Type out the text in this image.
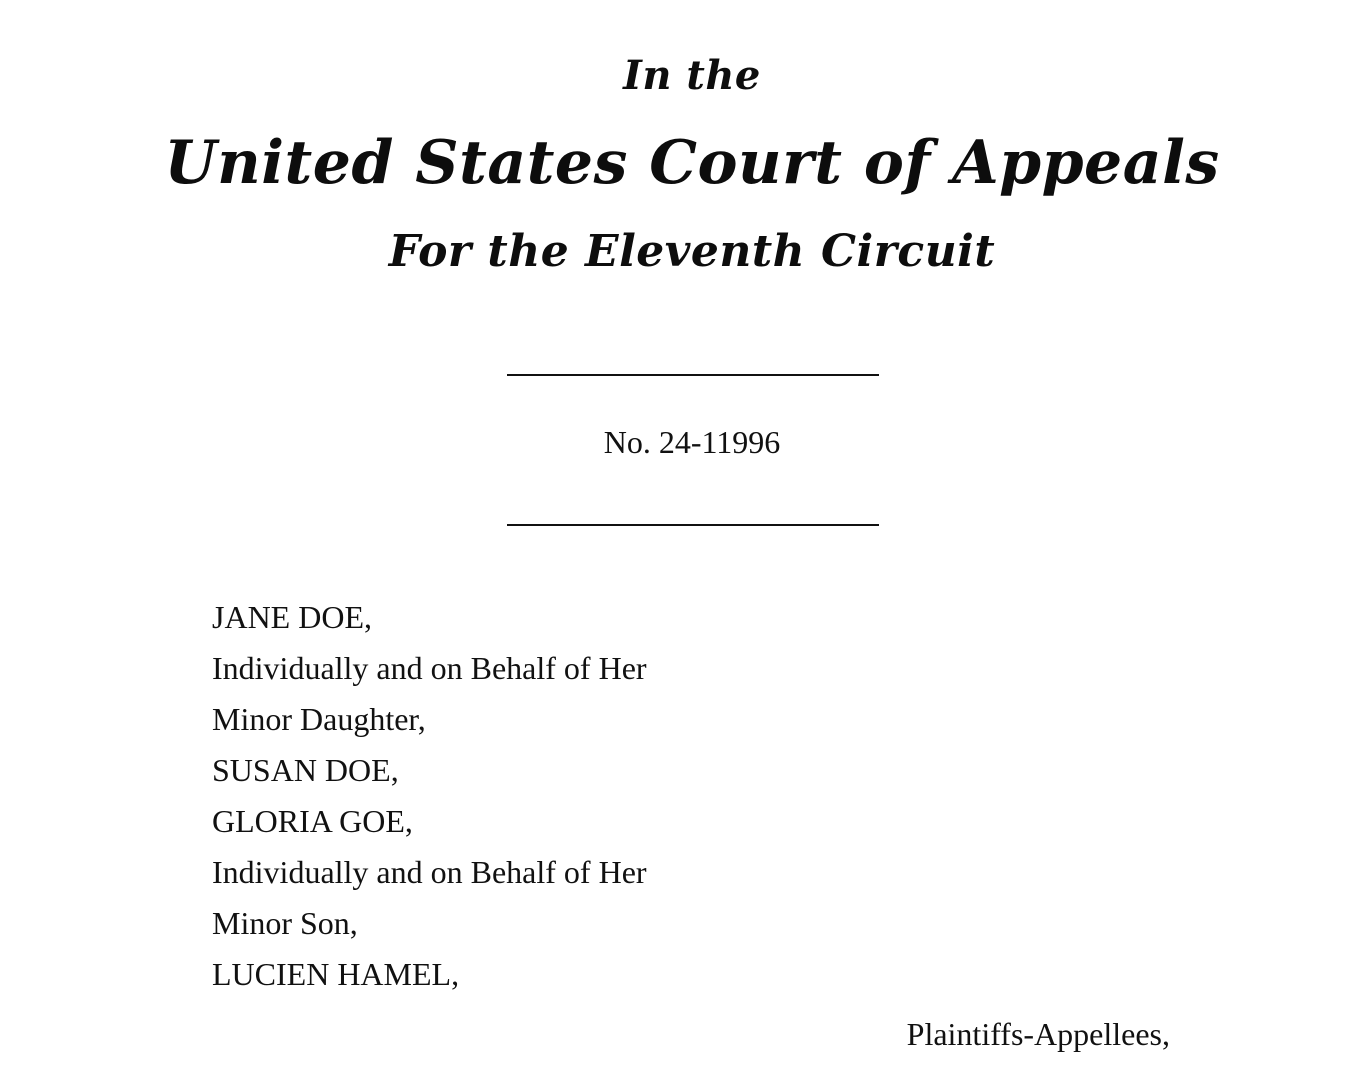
In the
United States Court of Appeals
For the Eleventh Circuit
No. 24-11996
JANE DOE,
Individually and on Behalf of Her
Minor Daughter,
SUSAN DOE,
GLORIA GOE,
Individually and on Behalf of Her
Minor Son,
LUCIEN HAMEL,
Plaintiffs-Appellees,
